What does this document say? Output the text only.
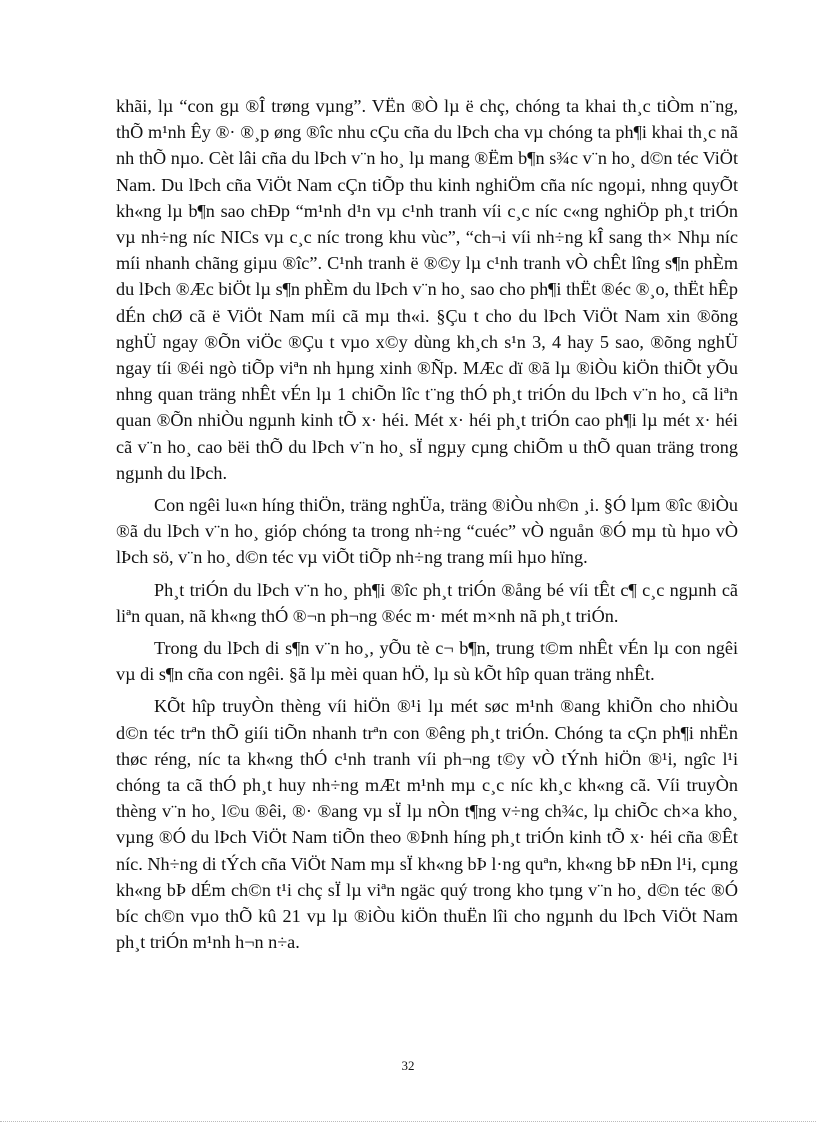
khãi, lµ “con gµ ®Î trøng vµng”. VËn ®Ò lµ ë chç, chóng ta khai th¸c tiÒm n¨ng, thÕ m¹nh Êy ®· ®¸p øng ®îc nhu cÇu cña du lÞch cha vµ chóng ta ph¶i khai th¸c nã nh thÕ nµo. Cèt lâi cña du lÞch v¨n ho¸ lµ mang ®Ëm b¶n s¾c v¨n ho¸ d©n téc ViÖt Nam. Du lÞch cña ViÖt Nam cÇn tiÕp thu kinh nghiÖm cña níc ngoµi, nhng quyÕt kh«ng lµ b¶n sao chÐp “m¹nh d¹n vµ c¹nh tranh víi c¸c níc c«ng nghiÖp ph¸t triÓn vµ nh÷ng níc NICs vµ c¸c níc trong khu vùc”, “ch¬i víi nh÷ng kÎ sang th× Nhµ níc míi nhanh chãng giµu ®îc”. C¹nh tranh ë ®©y lµ c¹nh tranh vÒ chÊt lîng s¶n phÈm du lÞch ®Æc biÖt lµ s¶n phÈm du lÞch v¨n ho¸ sao cho ph¶i thËt ®éc ®¸o, thËt hÊp dÉn chØ cã ë ViÖt Nam míi cã mµ th«i. §Çu t cho du lÞch ViÖt Nam xin ®õng nghÜ ngay ®Õn viÖc ®Çu t vµo x©y dùng kh¸ch s¹n 3, 4 hay 5 sao, ®õng nghÜ ngay tíi ®éi ngò tiÕp viªn nh hµng xinh ®Ñp. MÆc dï ®ã lµ ®iÒu kiÖn thiÕt yÕu nhng quan träng nhÊt vÉn lµ 1 chiÕn lîc t¨ng thÓ ph¸t triÓn du lÞch v¨n ho¸ cã liªn quan ®Õn nhiÒu ngµnh kinh tÕ x· héi. Mét x· héi ph¸t triÓn cao ph¶i lµ mét x· héi cã v¨n ho¸ cao bëi thÕ du lÞch v¨n ho¸ sÏ ngµy cµng chiÕm u thÕ quan träng trong ngµnh du lÞch.

Con ngêi lu«n híng thiÖn, träng nghÜa, träng ®iÒu nh©n ¸i. §Ó lµm ®îc ®iÒu ®ã du lÞch v¨n ho¸ gióp chóng ta trong nh÷ng “cuéc” vÒ nguån ®Ó mµ tù hµo vÒ lÞch sö, v¨n ho¸ d©n téc vµ viÕt tiÕp nh÷ng trang míi hµo hïng.

Ph¸t triÓn du lÞch v¨n ho¸ ph¶i ®îc ph¸t triÓn ®ång bé víi tÊt c¶ c¸c ngµnh cã liªn quan, nã kh«ng thÓ ®¬n ph¬ng ®éc m· mét m×nh nã ph¸t triÓn.

Trong du lÞch di s¶n v¨n ho¸, yÕu tè c¬ b¶n, trung t©m nhÊt vÉn lµ con ngêi vµ di s¶n cña con ngêi. §ã lµ mèi quan hÖ, lµ sù kÕt hîp quan träng nhÊt.

KÕt hîp truyÒn thèng víi hiÖn ®¹i lµ mét søc m¹nh ®ang khiÕn cho nhiÒu d©n téc trªn thÕ giíi tiÕn nhanh trªn con ®êng ph¸t triÓn. Chóng ta cÇn ph¶i nhËn thøc réng, níc ta kh«ng thÓ c¹nh tranh víi ph¬ng t©y vÒ tÝnh hiÖn ®¹i, ngîc l¹i chóng ta cã thÓ ph¸t huy nh÷ng mÆt m¹nh mµ c¸c níc kh¸c kh«ng cã. Víi truyÒn thèng v¨n ho¸ l©u ®êi, ®· ®ang vµ sÏ lµ nÒn t¶ng v÷ng ch¾c, lµ chiÕc ch×a kho¸ vµng ®Ó du lÞch ViÖt Nam tiÕn theo ®Þnh híng ph¸t triÓn kinh tÕ x· héi cña ®Êt níc. Nh÷ng di tÝch cña ViÖt Nam mµ sÏ kh«ng bÞ l·ng quªn, kh«ng bÞ nÐn l¹i, cµng kh«ng bÞ dÉm ch©n t¹i chç sÏ lµ viªn ngäc quý trong kho tµng v¨n ho¸ d©n téc ®Ó bíc ch©n vµo thÕ kû 21 vµ lµ ®iÒu kiÖn thuËn lîi cho ngµnh du lÞch ViÖt Nam ph¸t triÓn m¹nh h¬n n÷a.

32
